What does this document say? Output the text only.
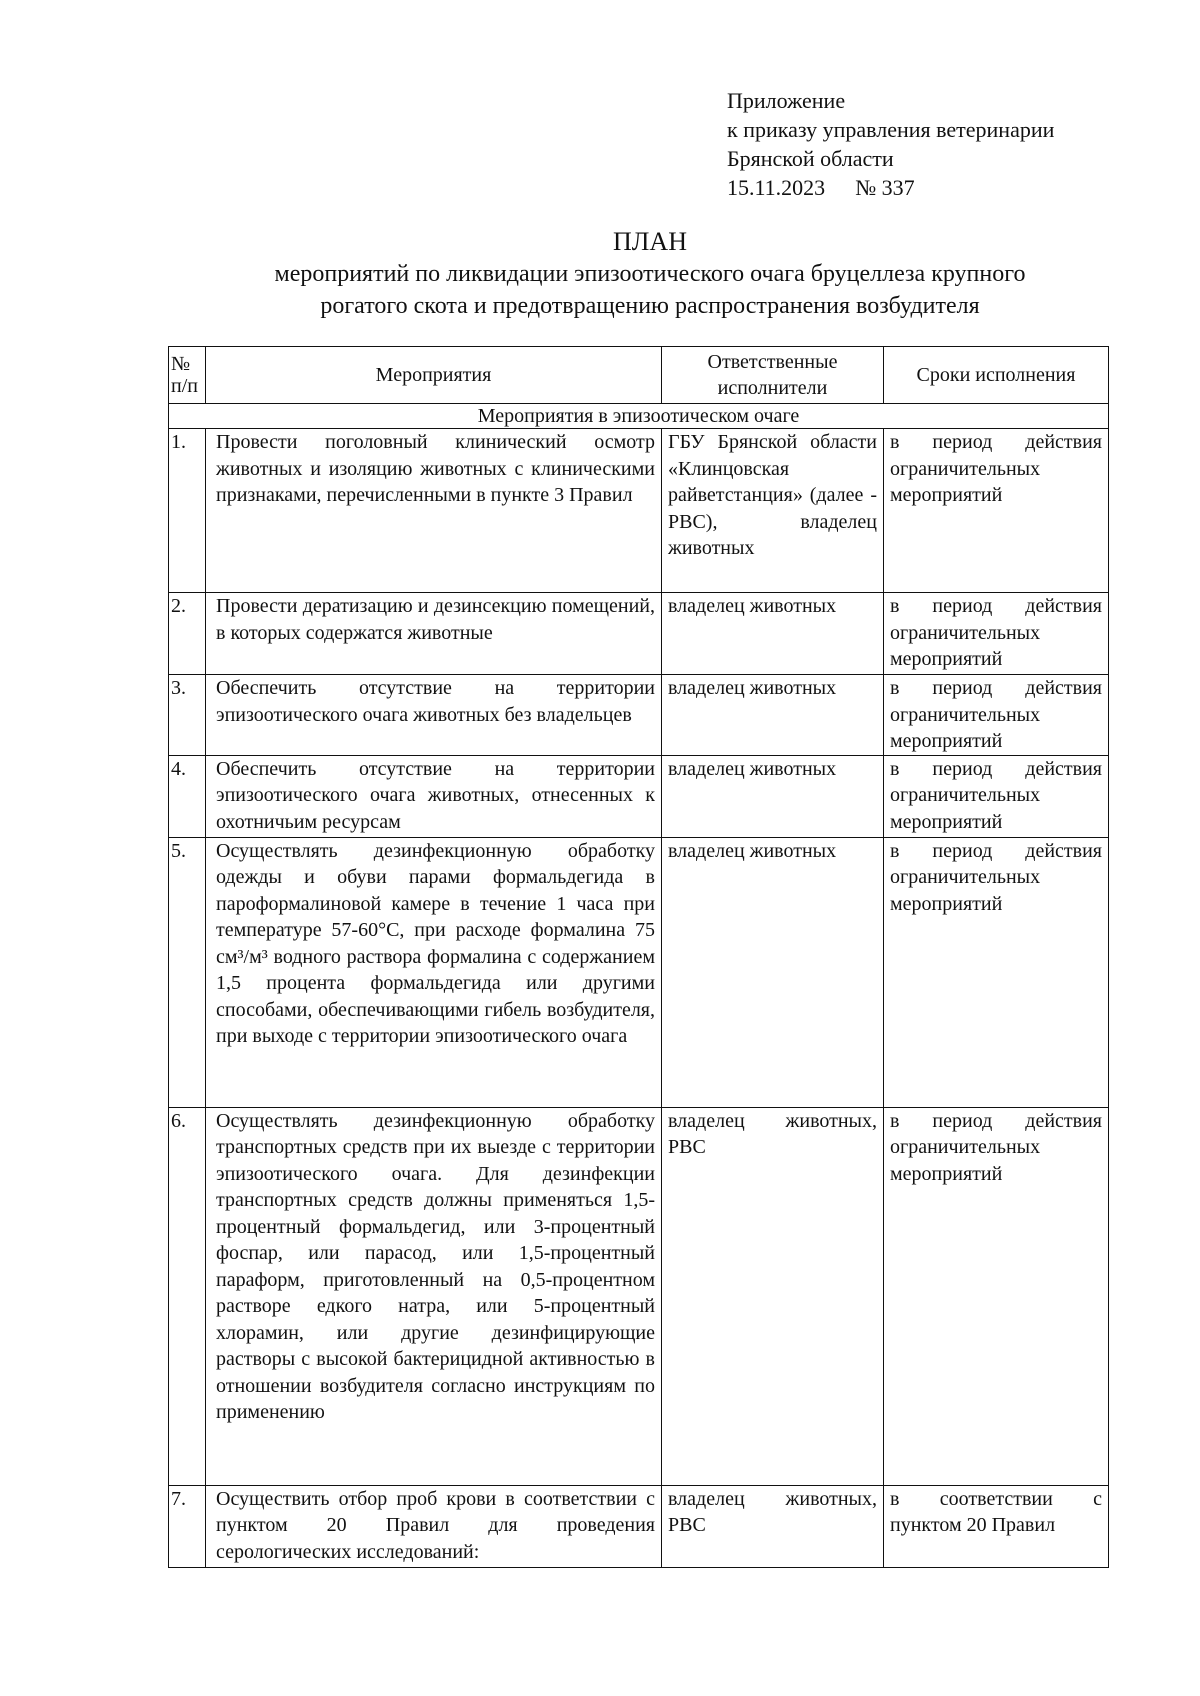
Приложение
к приказу управления ветеринарии
Брянской области
15.11.2023 № 337
ПЛАН
мероприятий по ликвидации эпизоотического очага бруцеллеза крупного
рогатого скота и предотвращению распространения возбудителя
№ п/п	Мероприятия	Ответственные исполнители	Сроки исполнения
Мероприятия в эпизоотическом очаге			
1.	Провести поголовный клинический осмотр животных и изоляцию животных с клиническими признаками, перечисленными в пункте 3 Правил	ГБУ Брянской области «Клинцовская райветстанция» (далее - РВС), владелец животных	в период действия ограничительных мероприятий
2.	Провести дератизацию и дезинсекцию помещений, в которых содержатся животные	владелец животных	в период действия ограничительных мероприятий
3.	Обеспечить отсутствие на территории эпизоотического очага животных без владельцев	владелец животных	в период действия ограничительных мероприятий
4.	Обеспечить отсутствие на территории эпизоотического очага животных, отнесенных к охотничьим ресурсам	владелец животных	в период действия ограничительных мероприятий
5.	Осуществлять дезинфекционную обработку одежды и обуви парами формальдегида в пароформалиновой камере в течение 1 часа при температуре 57-60°С, при расходе формалина 75 см³/м³ водного раствора формалина с содержанием 1,5 процента формальдегида или другими способами, обеспечивающими гибель возбудителя, при выходе с территории эпизоотического очага	владелец животных	в период действия ограничительных мероприятий
6.	Осуществлять дезинфекционную обработку транспортных средств при их выезде с территории эпизоотического очага. Для дезинфекции транспортных средств должны применяться 1,5-процентный формальдегид, или 3-процентный фоспар, или парасод, или 1,5-процентный параформ, приготовленный на 0,5-процентном растворе едкого натра, или 5-процентный хлорамин, или другие дезинфицирующие растворы с высокой бактерицидной активностью в отношении возбудителя согласно инструкциям по применению	владелец животных, РВС	в период действия ограничительных мероприятий
7.	Осуществить отбор проб крови в соответствии с пунктом 20 Правил для проведения серологических исследований:	владелец животных, РВС	в соответствии с пунктом 20 Правил
